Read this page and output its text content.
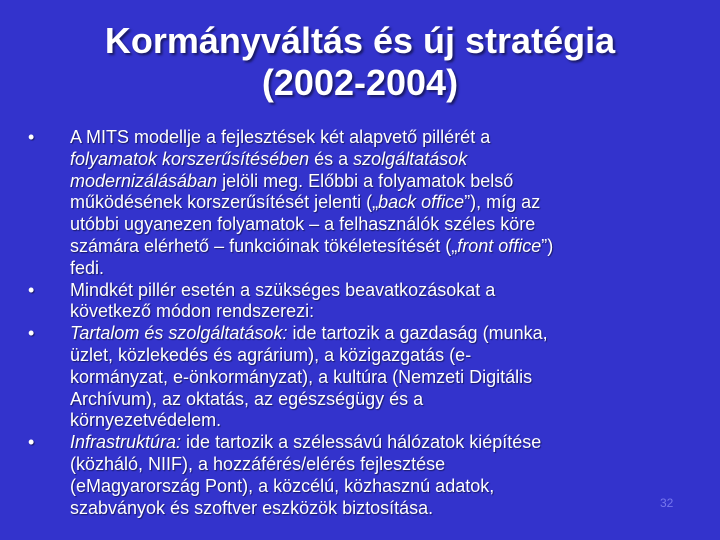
Kormányváltás és új stratégia
(2002-2004)
•	A MITS modellje a fejlesztések két alapvető pillérét a
folyamatok korszerűsítésében és a szolgáltatások
modernizálásában jelöli meg. Előbbi a folyamatok belső
működésének korszerűsítését jelenti („back office”), míg az
utóbbi ugyanezen folyamatok – a felhasználók széles köre
számára elérhető – funkcióinak tökéletesítését („front office”)
fedi.
•	Mindkét pillér esetén a szükséges beavatkozásokat a
következő módon rendszerezi:
•	Tartalom és szolgáltatások: ide tartozik a gazdaság (munka,
üzlet, közlekedés és agrárium), a közigazgatás (e-
kormányzat, e-önkormányzat), a kultúra (Nemzeti Digitális
Archívum), az oktatás, az egészségügy és a
környezetvédelem.
•	Infrastruktúra: ide tartozik a szélessávú hálózatok kiépítése
(közháló, NIIF), a hozzáférés/elérés fejlesztése
(eMagyarország Pont), a közcélú, közhasznú adatok,
szabványok és szoftver eszközök biztosítása.	32
